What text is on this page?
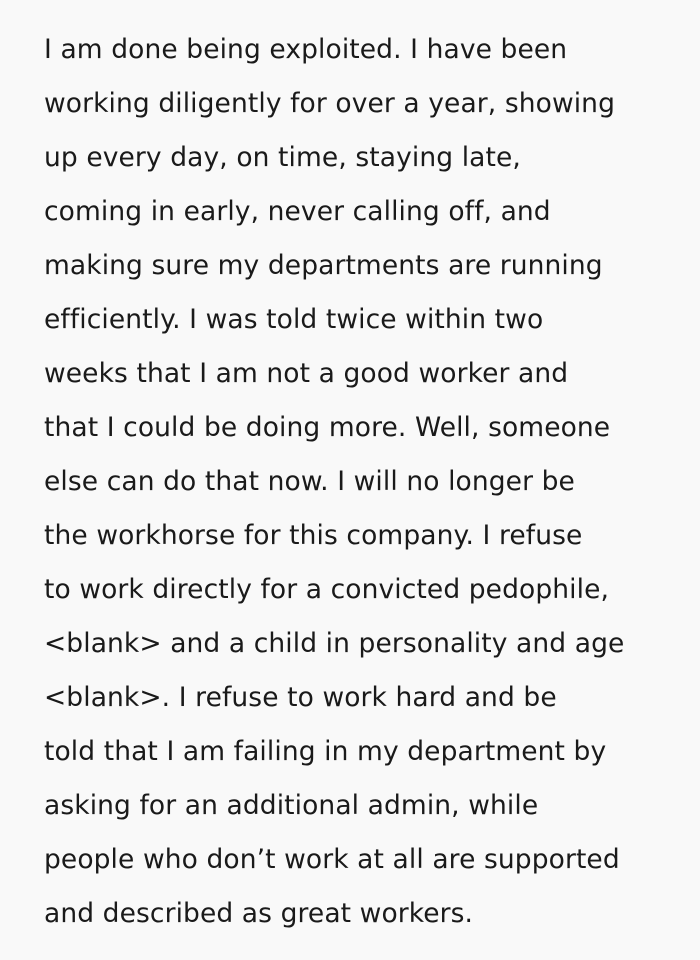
I am done being exploited. I have been
working diligently for over a year, showing
up every day, on time, staying late,
coming in early, never calling off, and
making sure my departments are running
efficiently. I was told twice within two
weeks that I am not a good worker and
that I could be doing more. Well, someone
else can do that now. I will no longer be
the workhorse for this company. I refuse
to work directly for a convicted pedophile,
<blank> and a child in personality and age
<blank>. I refuse to work hard and be
told that I am failing in my department by
asking for an additional admin, while
people who don’t work at all are supported
and described as great workers.
